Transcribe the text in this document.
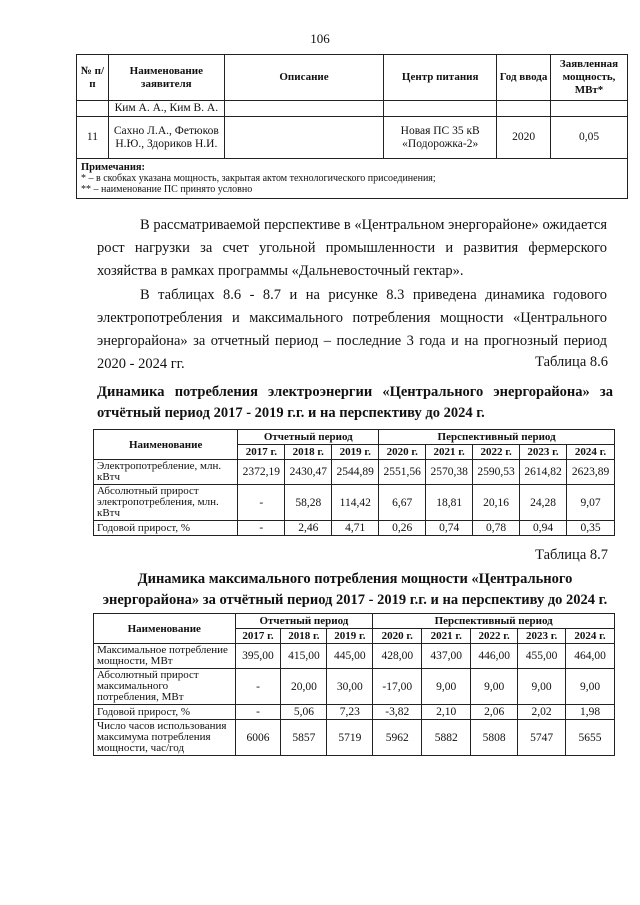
106
№ п/п	Наименование заявителя	Описание	Центр питания	Год ввода	Заявленная мощность, МВт*
	Ким А. А., Ким В. А.				
11	Сахно Л.А., Фетюков Н.Ю., Здориков Н.И.		Новая ПС 35 кВ «Подорожка-2»	2020	0,05
Примечания:
* – в скобках указана мощность, закрытая актом технологического присоединения;
** – наименование ПС принято условно					
В рассматриваемой перспективе в «Центральном энергорайоне» ожидается рост нагрузки за счет угольной промышленности и развития фермерского хозяйства в рамках программы «Дальневосточный гектар».
В таблицах 8.6 - 8.7 и на рисунке 8.3 приведена динамика годового электропотребления и максимального потребления мощности «Центрального энергорайона» за отчетный период – последние 3 года и на прогнозный период 2020 - 2024 гг.	Таблица 8.6
Динамика потребления электроэнергии «Центрального энергорайона» за отчётный период 2017 - 2019 г.г. и на перспективу до 2024 г.
Наименование	Отчетный период			Перспективный период				
	2017 г.	2018 г.	2019 г.	2020 г.	2021 г.	2022 г.	2023 г.	2024 г.
Электропотребление, млн. кВтч	2372,19	2430,47	2544,89	2551,56	2570,38	2590,53	2614,82	2623,89
Абсолютный прирост электропотребления, млн. кВтч	-	58,28	114,42	6,67	18,81	20,16	24,28	9,07
Годовой прирост, %	-	2,46	4,71	0,26	0,74	0,78	0,94	0,35
Таблица 8.7
Динамика максимального потребления мощности «Центрального энергорайона» за отчётный период 2017 - 2019 г.г. и на перспективу до 2024 г.
Наименование	Отчетный период			Перспективный период				
	2017 г.	2018 г.	2019 г.	2020 г.	2021 г.	2022 г.	2023 г.	2024 г.
Максимальное потребление мощности, МВт	395,00	415,00	445,00	428,00	437,00	446,00	455,00	464,00
Абсолютный прирост максимального потребления, МВт	-	20,00	30,00	-17,00	9,00	9,00	9,00	9,00
Годовой прирост, %	-	5,06	7,23	-3,82	2,10	2,06	2,02	1,98
Число часов использования максимума потребления мощности, час/год	6006	5857	5719	5962	5882	5808	5747	5655
